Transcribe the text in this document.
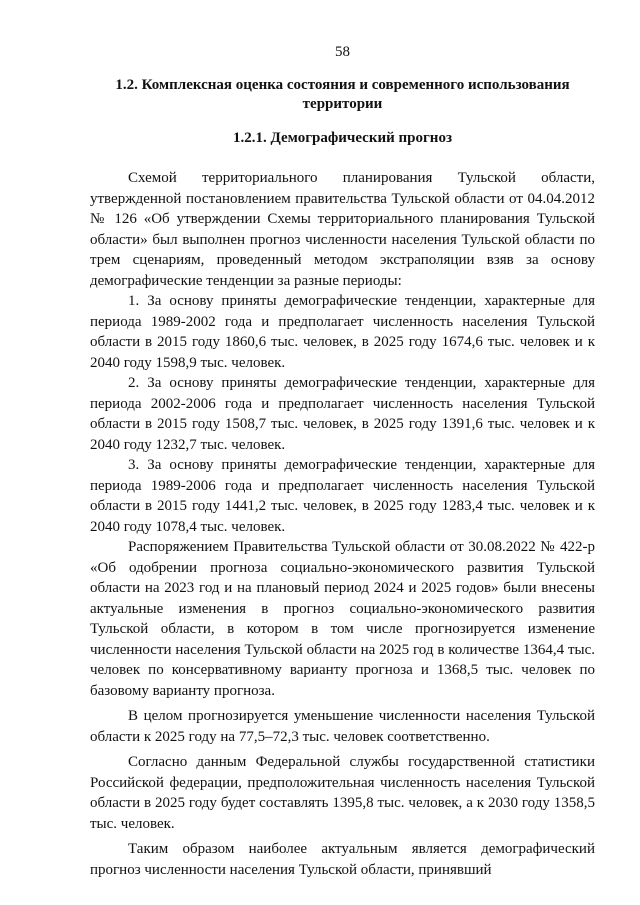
58
1.2. Комплексная оценка состояния и современного использования территории
1.2.1. Демографический прогноз

Схемой территориального планирования Тульской области, утвержденной постановлением правительства Тульской области от 04.04.2012 № 126 «Об утверждении Схемы территориального планирования Тульской области» был выполнен прогноз численности населения Тульской области по трем сценариям, проведенный методом экстраполяции взяв за основу демографические тенденции за разные периоды:

1. За основу приняты демографические тенденции, характерные для периода 1989-2002 года и предполагает численность населения Тульской области в 2015 году 1860,6 тыс. человек, в 2025 году 1674,6 тыс. человек и к 2040 году 1598,9 тыс. человек.

2. За основу приняты демографические тенденции, характерные для периода 2002-2006 года и предполагает численность населения Тульской области в 2015 году 1508,7 тыс. человек, в 2025 году 1391,6 тыс. человек и к 2040 году 1232,7 тыс. человек.

3. За основу приняты демографические тенденции, характерные для периода 1989-2006 года и предполагает численность населения Тульской области в 2015 году 1441,2 тыс. человек, в 2025 году 1283,4 тыс. человек и к 2040 году 1078,4 тыс. человек.

Распоряжением Правительства Тульской области от 30.08.2022 № 422-р «Об одобрении прогноза социально-экономического развития Тульской области на 2023 год и на плановый период 2024 и 2025 годов» были внесены актуальные изменения в прогноз социально-экономического развития Тульской области, в котором в том числе прогнозируется изменение численности населения Тульской области на 2025 год в количестве 1364,4 тыс. человек по консервативному варианту прогноза и 1368,5 тыс. человек по базовому варианту прогноза.

В целом прогнозируется уменьшение численности населения Тульской области к 2025 году на 77,5–72,3 тыс. человек соответственно.

Согласно данным Федеральной службы государственной статистики Российской федерации, предположительная численность населения Тульской области в 2025 году будет составлять 1395,8 тыс. человек, а к 2030 году 1358,5 тыс. человек.

Таким образом наиболее актуальным является демографический прогноз численности населения Тульской области, принявший
